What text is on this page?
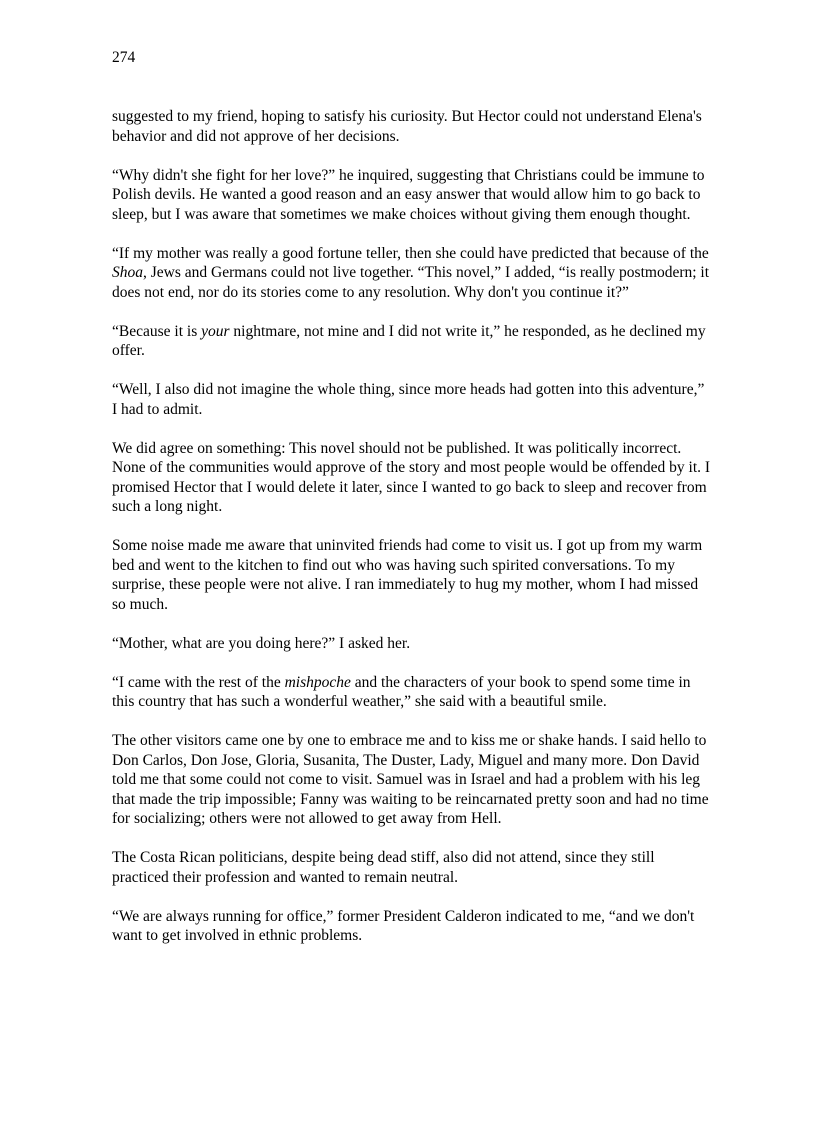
274

suggested to my friend, hoping to satisfy his curiosity. But Hector could not understand Elena's behavior and did not approve of her decisions.

“Why didn't she fight for her love?” he inquired, suggesting that Christians could be immune to Polish devils. He wanted a good reason and an easy answer that would allow him to go back to sleep, but I was aware that sometimes we make choices without giving them enough thought.

“If my mother was really a good fortune teller, then she could have predicted that because of the Shoa, Jews and Germans could not live together. “This novel,” I added, “is really postmodern; it does not end, nor do its stories come to any resolution. Why don't you continue it?”

“Because it is your nightmare, not mine and I did not write it,” he responded, as he declined my offer.

“Well, I also did not imagine the whole thing, since more heads had gotten into this adventure,” I had to admit.

We did agree on something: This novel should not be published. It was politically incorrect. None of the communities would approve of the story and most people would be offended by it. I promised Hector that I would delete it later, since I wanted to go back to sleep and recover from such a long night.

Some noise made me aware that uninvited friends had come to visit us. I got up from my warm bed and went to the kitchen to find out who was having such spirited conversations. To my surprise, these people were not alive. I ran immediately to hug my mother, whom I had missed so much.

“Mother, what are you doing here?” I asked her.

“I came with the rest of the mishpoche and the characters of your book to spend some time in this country that has such a wonderful weather,” she said with a beautiful smile.

The other visitors came one by one to embrace me and to kiss me or shake hands. I said hello to Don Carlos, Don Jose, Gloria, Susanita, The Duster, Lady, Miguel and many more. Don David told me that some could not come to visit. Samuel was in Israel and had a problem with his leg that made the trip impossible; Fanny was waiting to be reincarnated pretty soon and had no time for socializing; others were not allowed to get away from Hell.

The Costa Rican politicians, despite being dead stiff, also did not attend, since they still practiced their profession and wanted to remain neutral.

“We are always running for office,” former President Calderon indicated to me, “and we don't want to get involved in ethnic problems.
